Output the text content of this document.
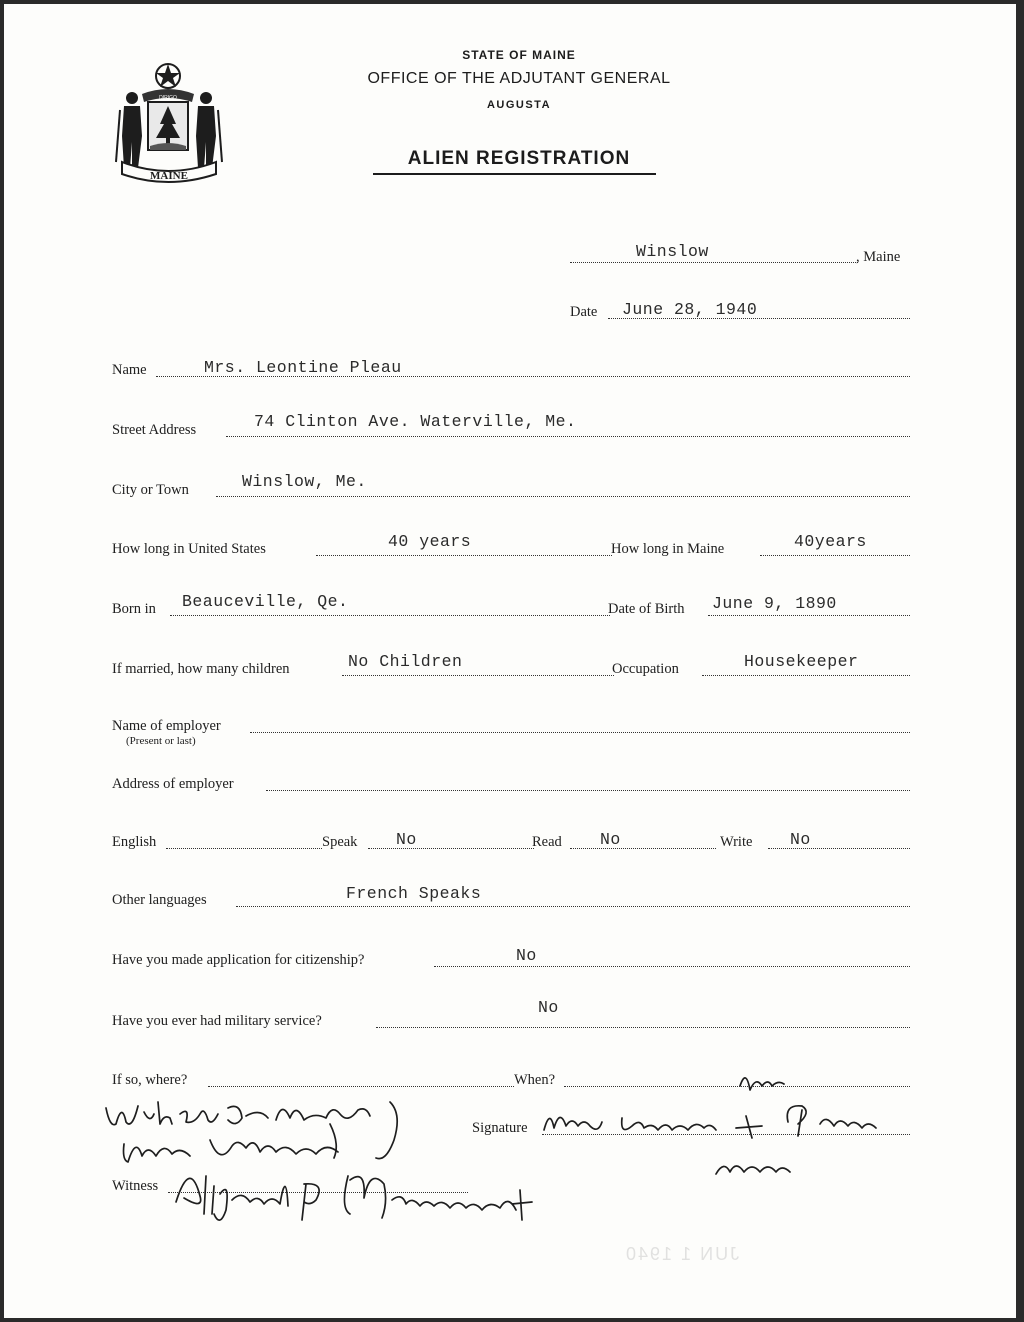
MAINE
DIRIGO
STATE OF MAINE
OFFICE OF THE ADJUTANT GENERAL
AUGUSTA
ALIEN REGISTRATION
Winslow	, Maine
Date June 28, 1940
Name	Mrs. Leontine Pleau
Street Address	74 Clinton Ave. Waterville, Me.
City or Town	Winslow, Me.
How long in United States	40 years	How long in Maine	40years
Born in Beauceville, Qe.	Date of Birth June 9, 1890
If married, how many children	No Children	Occupation	Housekeeper
Name of employer
(Present or last)
Address of employer
English	Speak No	Read No	Write No
Other languages	French Speaks
Have you made application for citizenship?	No
Have you ever had military service?
No
If so, where?	When?
Signature
Witness
JUN 1 1940
